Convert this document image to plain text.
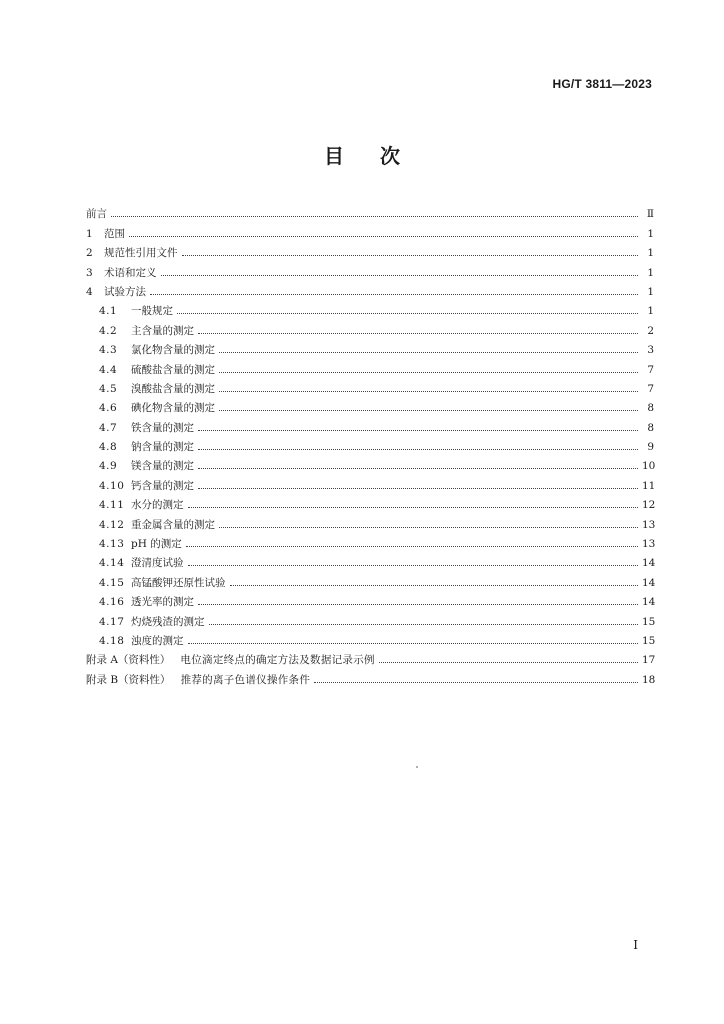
HG/T 3811—2023
目 次
前言	Ⅱ
1	范围	1
2	规范性引用文件	1
3	术语和定义	1
4	试验方法	1
4.1	一般规定	1
4.2	主含量的测定	2
4.3	氯化物含量的测定	3
4.4	硫酸盐含量的测定	7
4.5	溴酸盐含量的测定	7
4.6	碘化物含量的测定	8
4.7	铁含量的测定	8
4.8	钠含量的测定	9
4.9	镁含量的测定	10
4.10 钙含量的测定	11
4.11 水分的测定	12
4.12 重金属含量的测定	13
4.13 pH 的测定	13
4.14 澄清度试验	14
4.15 高锰酸钾还原性试验	14
4.16 透光率的测定	14
4.17 灼烧残渣的测定	15
4.18 浊度的测定	15
附录 A（资料性） 电位滴定终点的确定方法及数据记录示例	17
附录 B（资料性） 推荐的离子色谱仪操作条件	18
I
